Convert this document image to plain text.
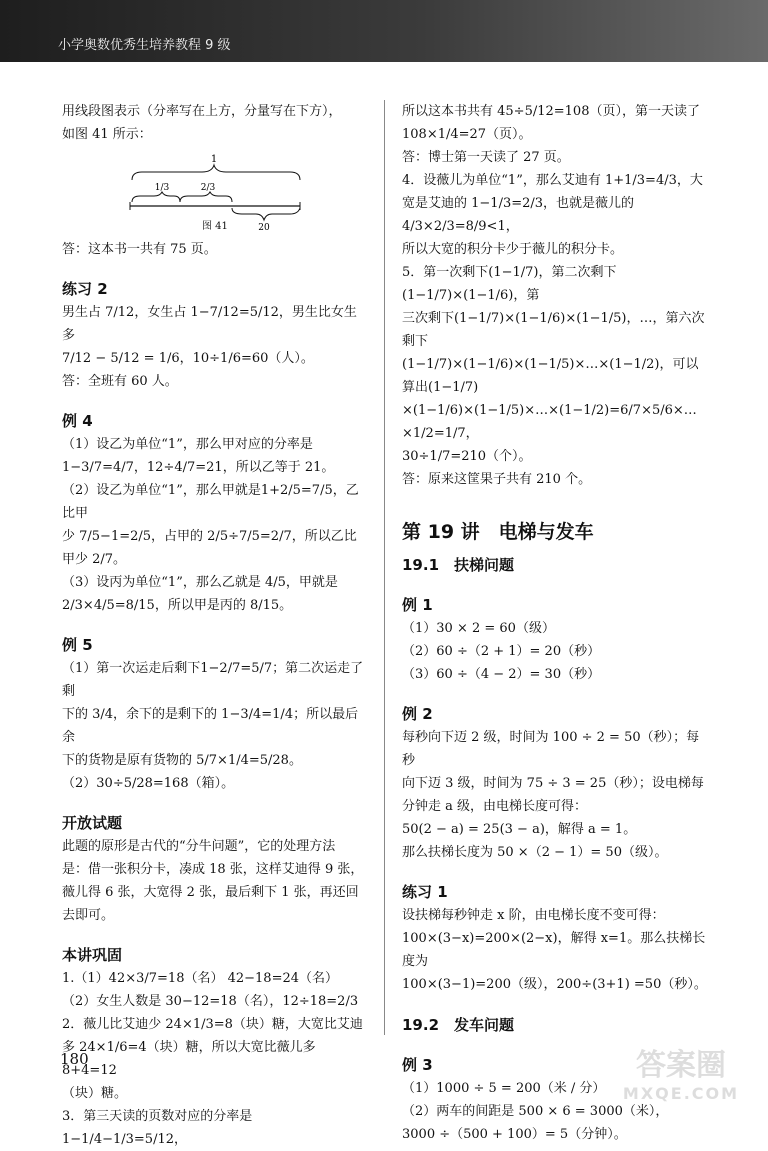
小学奥数优秀生培养教程 9 级

用线段图表示（分率写在上方，分量写在下方），

如图 41 所示：

1
1/3	2/3
20
图 41

答：这本书一共有 75 页。

练习 2

男生占 7/12，女生占 1−7/12=5/12，男生比女生多

7/12 − 5/12 = 1/6，10÷1/6=60（人）。

答：全班有 60 人。

例 4

（1）设乙为单位“1”，那么甲对应的分率是

1−3/7=4/7，12÷4/7=21，所以乙等于 21。

（2）设乙为单位“1”，那么甲就是1+2/5=7/5，乙比甲

少 7/5−1=2/5，占甲的 2/5÷7/5=2/7，所以乙比甲少 2/7。

（3）设丙为单位“1”，那么乙就是 4/5，甲就是

2/3×4/5=8/15，所以甲是丙的 8/15。

例 5

（1）第一次运走后剩下1−2/7=5/7；第二次运走了剩

下的 3/4，余下的是剩下的 1−3/4=1/4；所以最后余

下的货物是原有货物的 5/7×1/4=5/28。

（2）30÷5/28=168（箱）。

开放试题

此题的原形是古代的“分牛问题”，它的处理方法

是：借一张积分卡，凑成 18 张，这样艾迪得 9 张，

薇儿得 6 张，大宽得 2 张，最后剩下 1 张，再还回

去即可。

本讲巩固

1.（1）42×3/7=18（名） 42−18=24（名）

（2）女生人数是 30−12=18（名），12÷18=2/3

2．薇儿比艾迪少 24×1/3=8（块）糖，大宽比艾迪

多 24×1/6=4（块）糖，所以大宽比薇儿多 8+4=12

（块）糖。

3．第三天读的页数对应的分率是 1−1/4−1/3=5/12，

所以这本书共有 45÷5/12=108（页），第一天读了

108×1/4=27（页）。

答：博士第一天读了 27 页。

4．设薇儿为单位“1”，那么艾迪有 1+1/3=4/3，大

宽是艾迪的 1−1/3=2/3，也就是薇儿的 4/3×2/3=8/9<1，

所以大宽的积分卡少于薇儿的积分卡。

5．第一次剩下(1−1/7)，第二次剩下(1−1/7)×(1−1/6)，第

三次剩下(1−1/7)×(1−1/6)×(1−1/5)，…，第六次剩下

(1−1/7)×(1−1/6)×(1−1/5)×…×(1−1/2)，可以算出(1−1/7)

×(1−1/6)×(1−1/5)×…×(1−1/2)=6/7×5/6×…×1/2=1/7，

30÷1/7=210（个）。

答：原来这筐果子共有 210 个。

第 19 讲　电梯与发车
19.1　扶梯问题
例 1

（1）30 × 2 = 60（级）

（2）60 ÷（2 + 1）= 20（秒）

（3）60 ÷（4 − 2）= 30（秒）

例 2

每秒向下迈 2 级，时间为 100 ÷ 2 = 50（秒）；每秒

向下迈 3 级，时间为 75 ÷ 3 = 25（秒）；设电梯每

分钟走 a 级，由电梯长度可得：

50(2 − a) = 25(3 − a)，解得 a = 1。

那么扶梯长度为 50 ×（2 − 1）= 50（级）。

练习 1

设扶梯每秒钟走 x 阶，由电梯长度不变可得：

100×(3−x)=200×(2−x)，解得 x=1。那么扶梯长度为

100×(3−1)=200（级），200÷(3+1) =50（秒）。

19.2　发车问题
例 3

（1）1000 ÷ 5 = 200（米 / 分）

（2）两车的间距是 500 × 6 = 3000（米），

3000 ÷（500 + 100）= 5（分钟）。

180	答案圈
MXQE.COM
